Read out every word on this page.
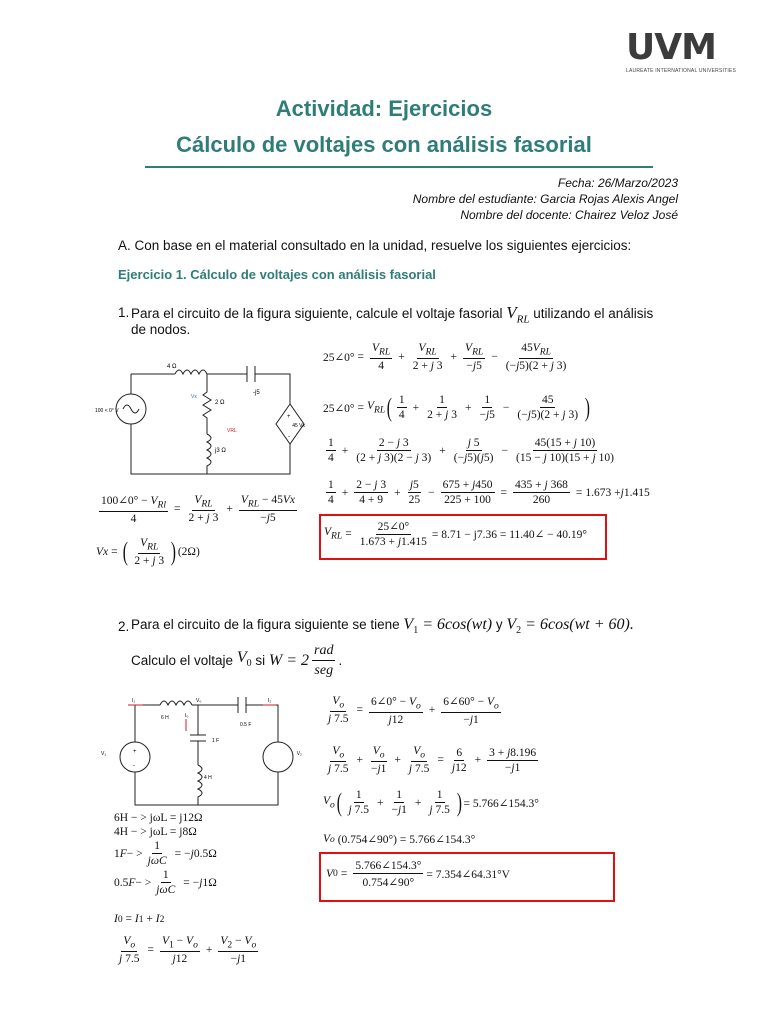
UVM
LAUREATE INTERNATIONAL UNIVERSITIES
Actividad: Ejercicios
Cálculo de voltajes con análisis fasorial
Fecha: 26/Marzo/2023
Nombre del estudiante: Garcia Rojas Alexis Angel
Nombre del docente: Chairez Veloz José
A. Con base en el material consultado en la unidad, resuelve los siguientes ejercicios:
Ejercicio 1. Cálculo de voltajes con análisis fasorial
1. Para el circuito de la figura siguiente, calcule el voltaje fasorial $V_{RL}$ utilizando el análisis
de nodos.
4 Ω
-j5
100 < 0° V
Vx
2 Ω
VRL
j3 Ω
45 Vx
+
-
25∠0° = $\frac{V_{RL}}{4} + \frac{V_{RL}}{2 + j 3} + \frac{V_{RL}}{-j5} - \frac{45V_{RL}}{(-j5)(2 + j 3)}$
25∠0° = $V_{RL}$ ( $\frac{1}{4} + \frac{1}{2 + j 3} + \frac{1}{-j5} - \frac{45}{(-j5)(2 + j 3)}$ )
$\frac{1}{4} + \frac{2 - j 3}{(2 + j 3)(2 - j 3)} + \frac{j 5}{(-j5)(j5)} - \frac{45(15 + j 10)}{(15 - j 10)(15 + j 10)}$
$\frac{1}{4} + \frac{2 - j 3}{4 + 9} + \frac{j5}{25} - \frac{675 + j450}{225 + 100} = \frac{435 + j 368}{260} = 1.673 + j$ 1.415
$V_{RL} = \frac{25\angle 0^\circ}{1.673 + j1.415} = 8.71 - j7.36$ = 11.40∠ − 40.19°
$\frac{100\angle 0^\circ - V_{Rl}}{4} = \frac{V_{RL}}{2 + j 3} + \frac{V_{RL} - 45Vx}{-j5}$
Vx = ( $\frac{V_{RL}}{2 + j 3}$ ) (2Ω)
2. Para el circuito de la figura siguiente se tiene $V_1 = 6\cos(wt)$ y $V_2 = 6\cos(wt + 60)$.
Calculo el voltaje
$V_0$
si
$W = 2 \frac{\text{rad}}{\text{seg}}$ .
I₁
6 H
V₀
0.5 F
I₂
I₀
1 F
4 H
V₁	V₂
+
-
$\frac{V_o}{j 7.5} = \frac{6\angle 0^\circ - V_o}{j12} + \frac{6\angle 60^\circ - V_o}{-j1}$
$\frac{V_o}{j 7.5} + \frac{V_o}{-j1} + \frac{V_o}{j 7.5} = \frac{6}{j12} + \frac{3 + j8.196}{-j1}$
$V_o$ ( $\frac{1}{j 7.5} + \frac{1}{-j1} + \frac{1}{j 7.5}$ ) = 5.766∠154.3°
V o
(0.754∠90°) = 5.766∠154.3°
V $0 = \frac{5.766\angle 154.3^\circ}{0.754\angle 90^\circ}$ = 7.354∠64.31°V
6H − > jωL = j12Ω
4H − > jωL = j8Ω
1 F − > $\frac{1}{\text{jωC}}$ = − j 0.5Ω
0.5 F − > $\frac{1}{\text{jωC}}$ = − j 1Ω
I 0 = I 1 + I 2
$\frac{V_o}{j 7.5} = \frac{V_1 - V_o}{j12} + \frac{V_2 - V_o}{-j1}$
